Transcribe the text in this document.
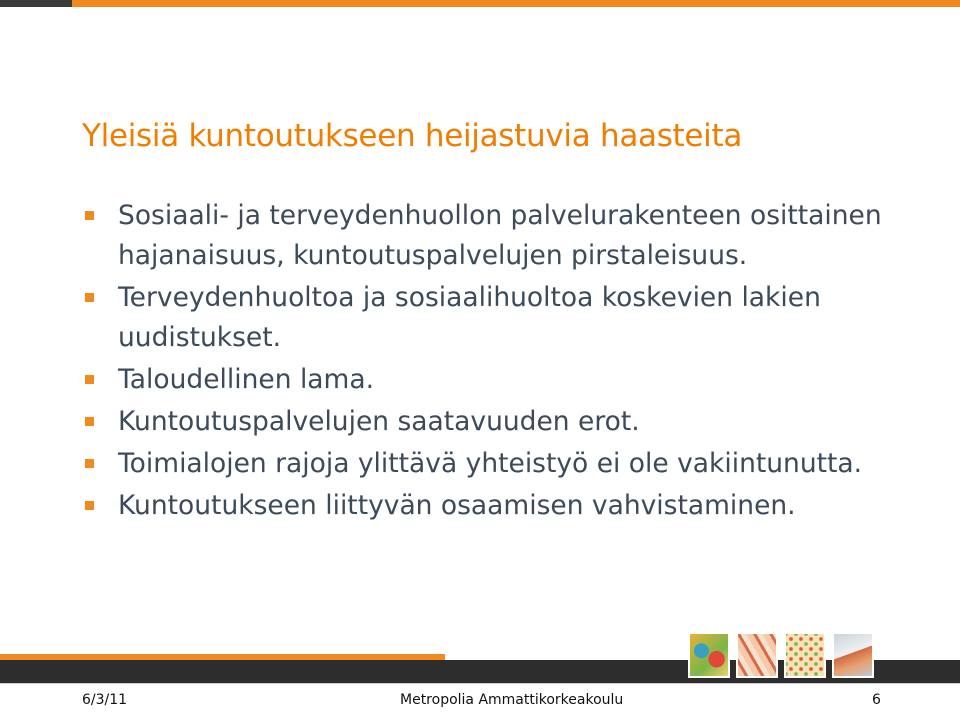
Yleisiä kuntoutukseen heijastuvia haasteita
Sosiaali- ja terveydenhuollon palvelurakenteen osittainen hajanaisuus, kuntoutuspalvelujen pirstaleisuus.
Terveydenhuoltoa ja sosiaalihuoltoa koskevien lakien uudistukset.
Taloudellinen lama.
Kuntoutuspalvelujen saatavuuden erot.
Toimialojen rajoja ylittävä yhteistyö ei ole vakiintunutta.
Kuntoutukseen liittyvän osaamisen vahvistaminen.
6/3/11	Metropolia Ammattikorkeakoulu	6
